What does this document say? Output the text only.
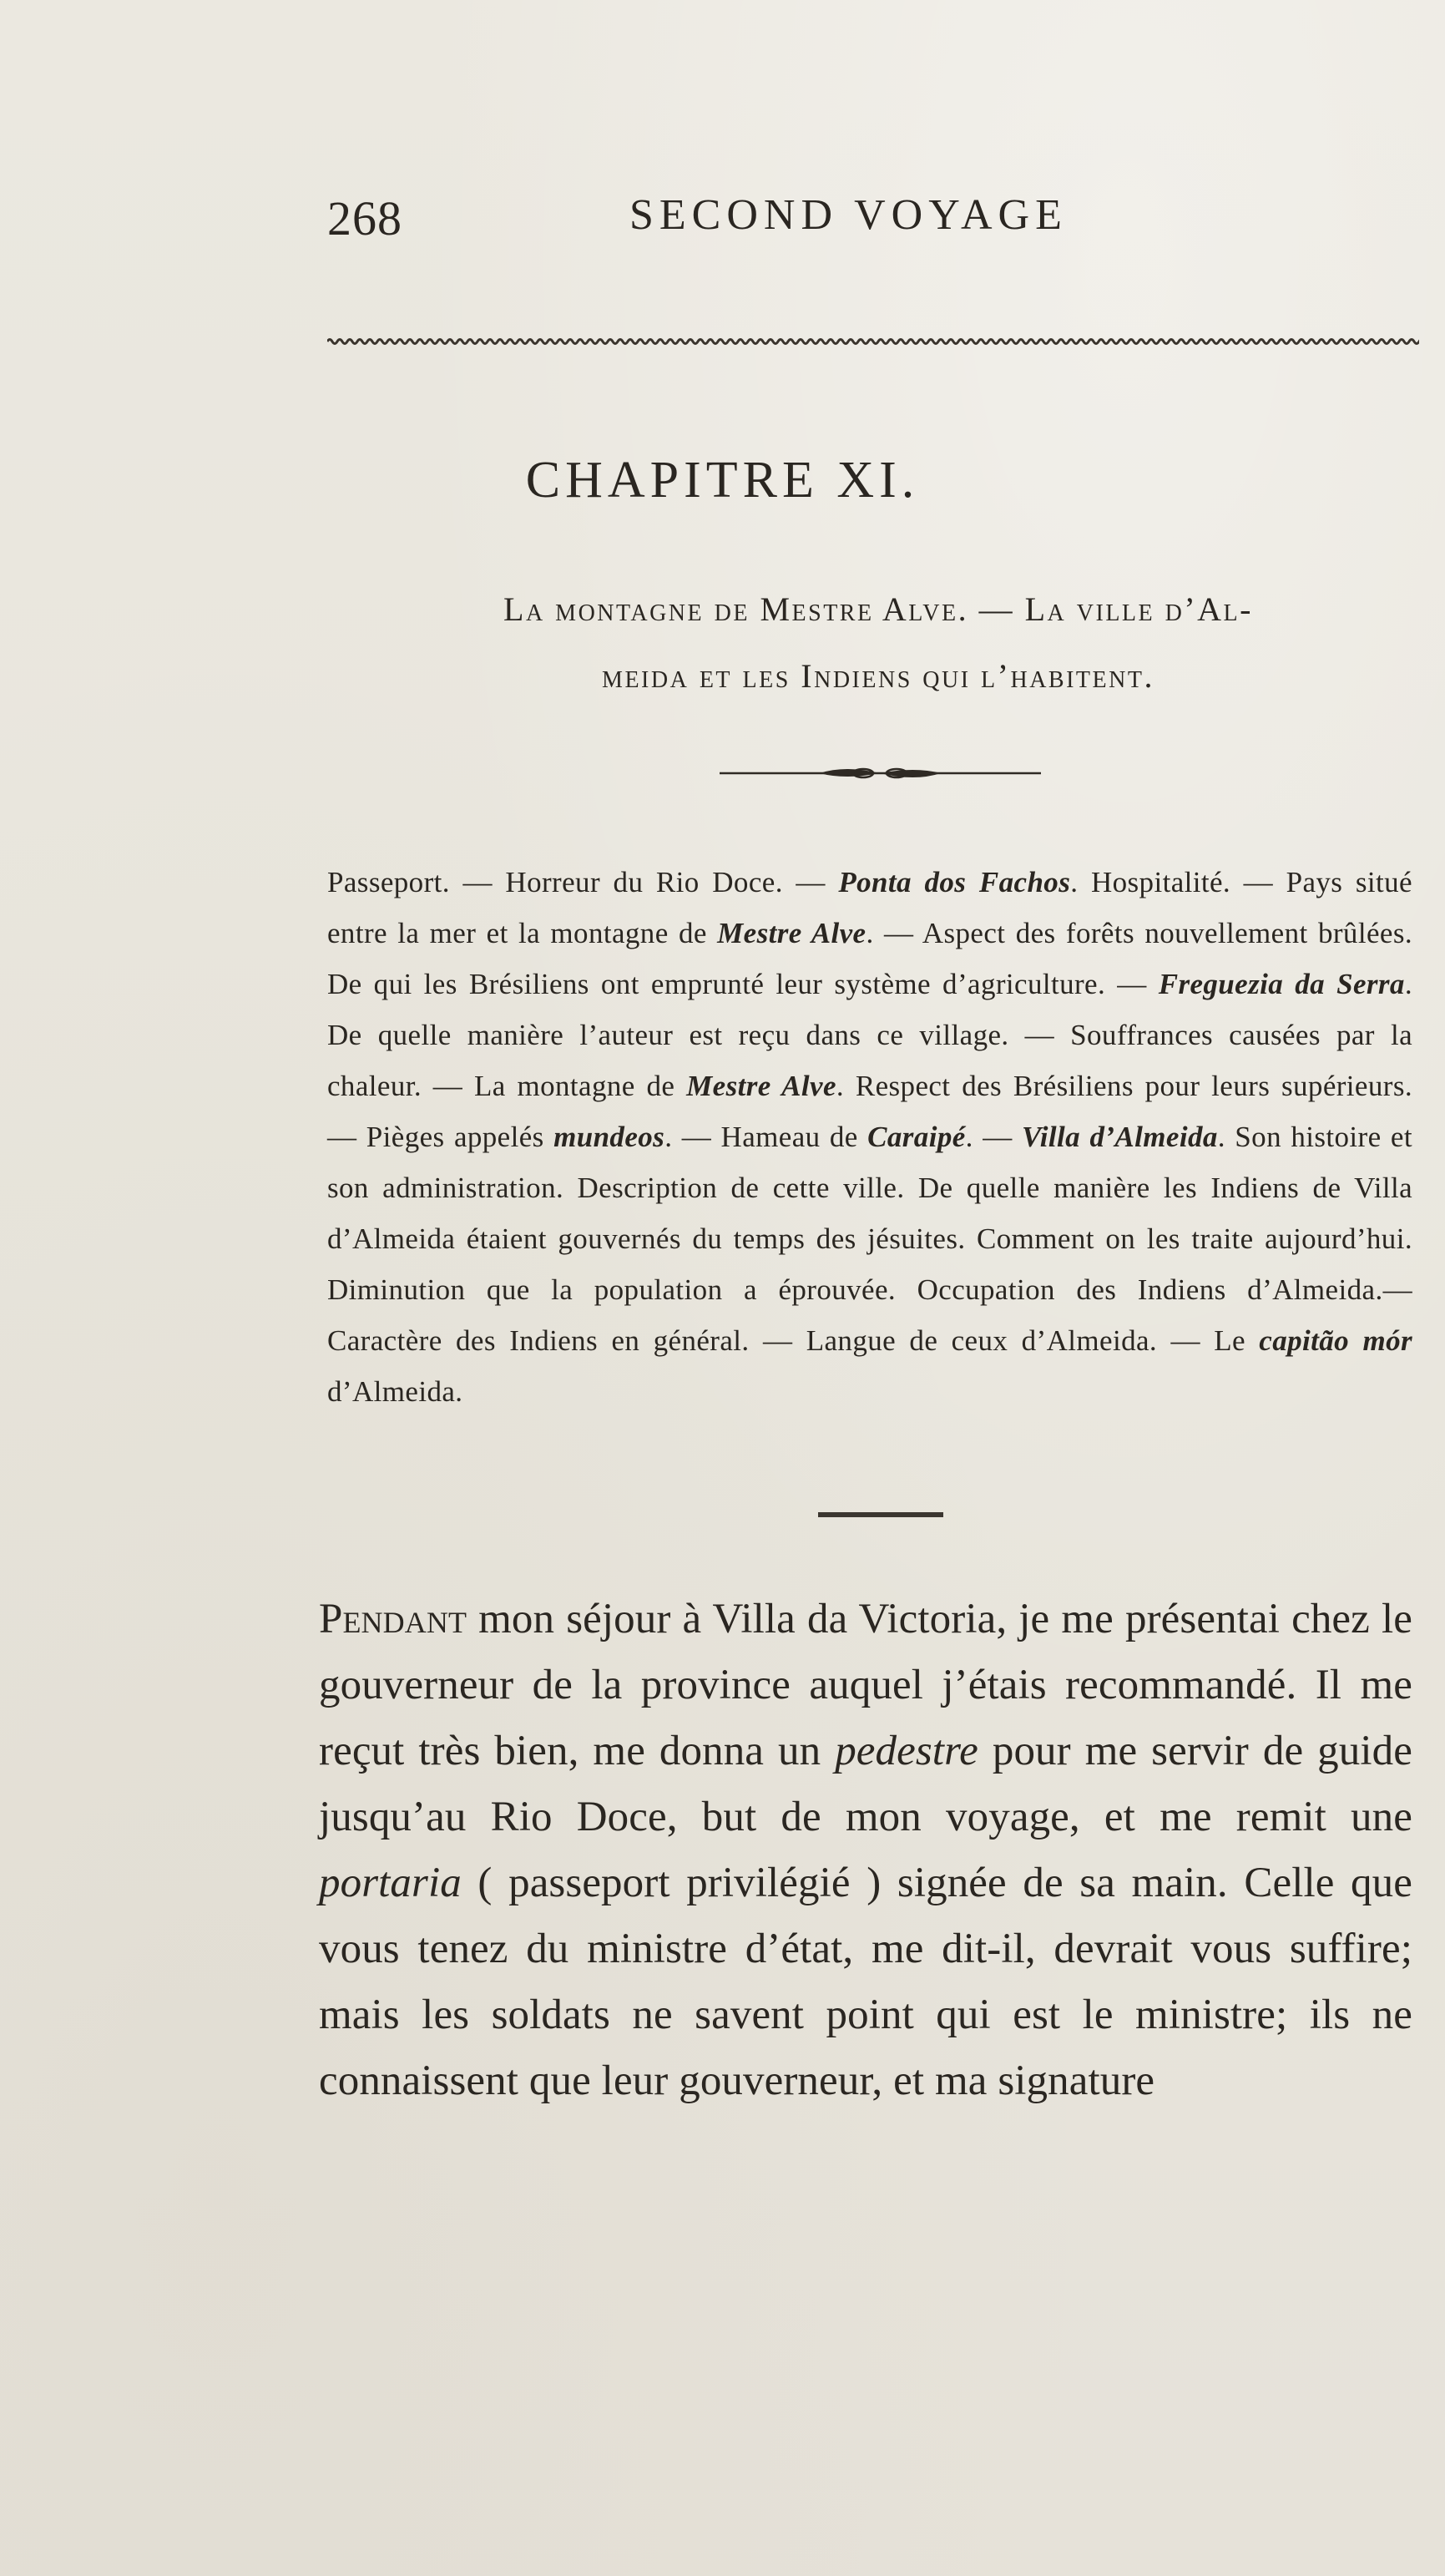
268	SECOND VOYAGE
CHAPITRE XI.
La montagne de Mestre Alve. — La ville d’Al-
meida et les Indiens qui l’habitent.
Passeport. — Horreur du Rio Doce. — Ponta dos Fachos. Hospitalité. — Pays situé entre la mer et la montagne de Mestre Alve. — Aspect des forêts nouvellement brûlées. De qui les Brésiliens ont emprunté leur système d’agriculture. — Freguezia da Serra. De quelle manière l’auteur est reçu dans ce village. — Souffrances causées par la chaleur. — La montagne de Mestre Alve. Respect des Brésiliens pour leurs supérieurs. — Pièges appelés mundeos. — Hameau de Caraipé. — Villa d’Almeida. Son histoire et son administration. Description de cette ville. De quelle manière les Indiens de Villa d’Almeida étaient gouvernés du temps des jésuites. Comment on les traite aujourd’hui. Diminution que la population a éprouvée. Occupation des Indiens d’Almeida.— Caractère des Indiens en général. — Langue de ceux d’Almeida. — Le capitão mór d’Almeida.
Pendant mon séjour à Villa da Victoria, je me présentai chez le gouverneur de la province auquel j’étais recommandé. Il me reçut très bien, me donna un pedestre pour me servir de guide jusqu’au Rio Doce, but de mon voyage, et me remit une portaria ( passeport privilégié ) signée de sa main. Celle que vous tenez du ministre d’état, me dit-il, devrait vous suffire; mais les soldats ne savent point qui est le ministre; ils ne connaissent que leur gouverneur, et ma signature
